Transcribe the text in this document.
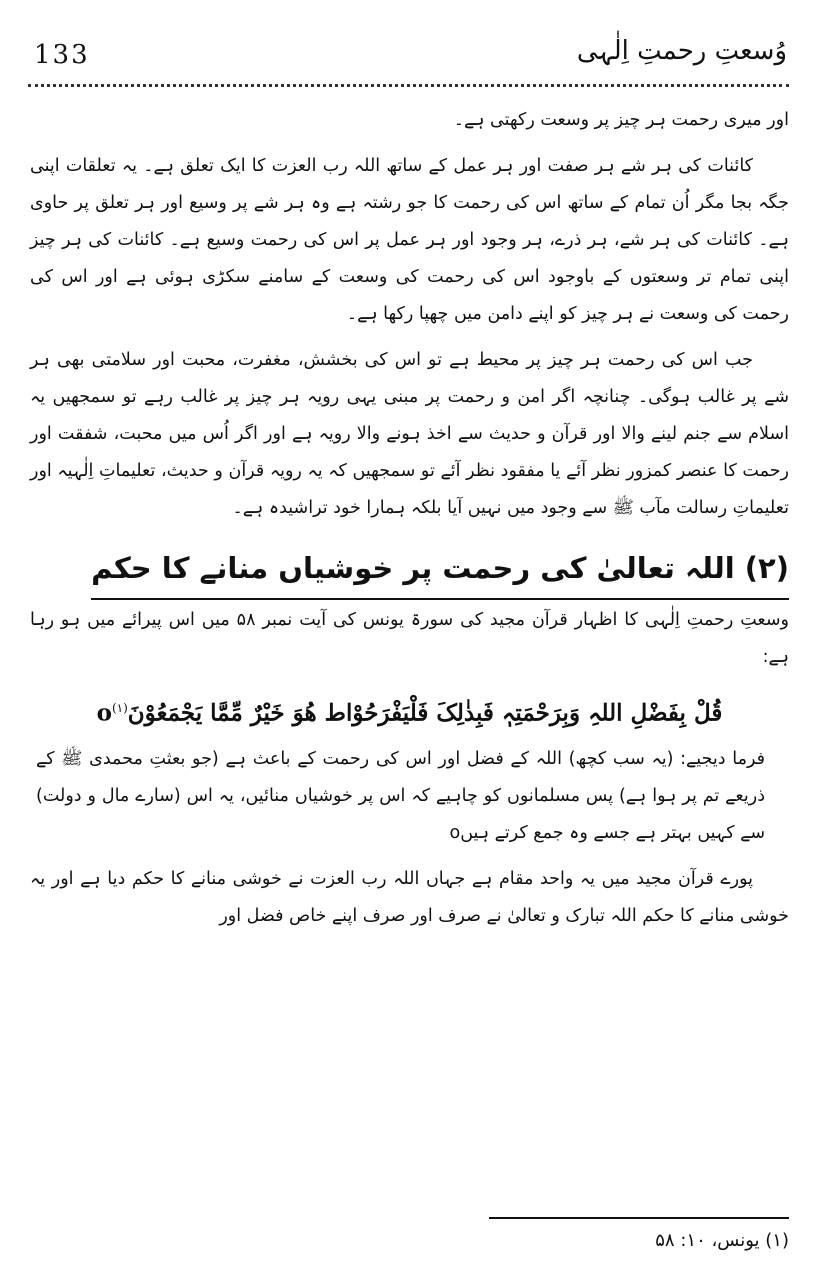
133	وُسعتِ رحمتِ اِلٰہی

اور میری رحمت ہر چیز پر وسعت رکھتی ہے۔

کائنات کی ہر شے ہر صفت اور ہر عمل کے ساتھ اللہ رب العزت کا ایک تعلق ہے۔ یہ تعلقات اپنی جگہ بجا مگر اُن تمام کے ساتھ اس کی رحمت کا جو رشتہ ہے وہ ہر شے پر وسیع اور ہر تعلق پر حاوی ہے۔ کائنات کی ہر شے، ہر ذرے، ہر وجود اور ہر عمل پر اس کی رحمت وسیع ہے۔ کائنات کی ہر چیز اپنی تمام تر وسعتوں کے باوجود اس کی رحمت کی وسعت کے سامنے سکڑی ہوئی ہے اور اس کی رحمت کی وسعت نے ہر چیز کو اپنے دامن میں چھپا رکھا ہے۔

جب اس کی رحمت ہر چیز پر محیط ہے تو اس کی بخشش، مغفرت، محبت اور سلامتی بھی ہر شے پر غالب ہوگی۔ چنانچہ اگر امن و رحمت پر مبنی یہی رویہ ہر چیز پر غالب رہے تو سمجھیں یہ اسلام سے جنم لینے والا اور قرآن و حدیث سے اخذ ہونے والا رویہ ہے اور اگر اُس میں محبت، شفقت اور رحمت کا عنصر کمزور نظر آئے یا مفقود نظر آئے تو سمجھیں کہ یہ رویہ قرآن و حدیث، تعلیماتِ اِلٰہیہ اور تعلیماتِ رسالت مآب ﷺ سے وجود میں نہیں آیا بلکہ ہمارا خود تراشیدہ ہے۔

(۲) اللہ تعالیٰ کی رحمت پر خوشیاں منانے کا حکم

وسعتِ رحمتِ اِلٰہی کا اظہار قرآن مجید کی سورۃ یونس کی آیت نمبر ۵۸ میں اس پیرائے میں ہو رہا ہے:

قُلْ بِفَضْلِ اللہِ وَبِرَحْمَتِہٖ فَبِذٰلِکَ فَلْیَفْرَحُوْاط ھُوَ خَیْرٌ مِّمَّا $یَجْمَعُوْنَo^{(۱)}$

فرما دیجیے: (یہ سب کچھ) اللہ کے فضل اور اس کی رحمت کے باعث ہے (جو بعثتِ محمدی ﷺ کے ذریعے تم پر ہوا ہے) پس مسلمانوں کو چاہیے کہ اس پر خوشیاں منائیں، یہ اس (سارے مال و دولت) سے کہیں بہتر ہے جسے وہ جمع کرتے ہیںo

پورے قرآن مجید میں یہ واحد مقام ہے جہاں اللہ رب العزت نے خوشی منانے کا حکم دیا ہے اور یہ خوشی منانے کا حکم اللہ تبارک و تعالیٰ نے صرف اور صرف اپنے خاص فضل اور

(۱) یونس، ۱۰: ۵۸
